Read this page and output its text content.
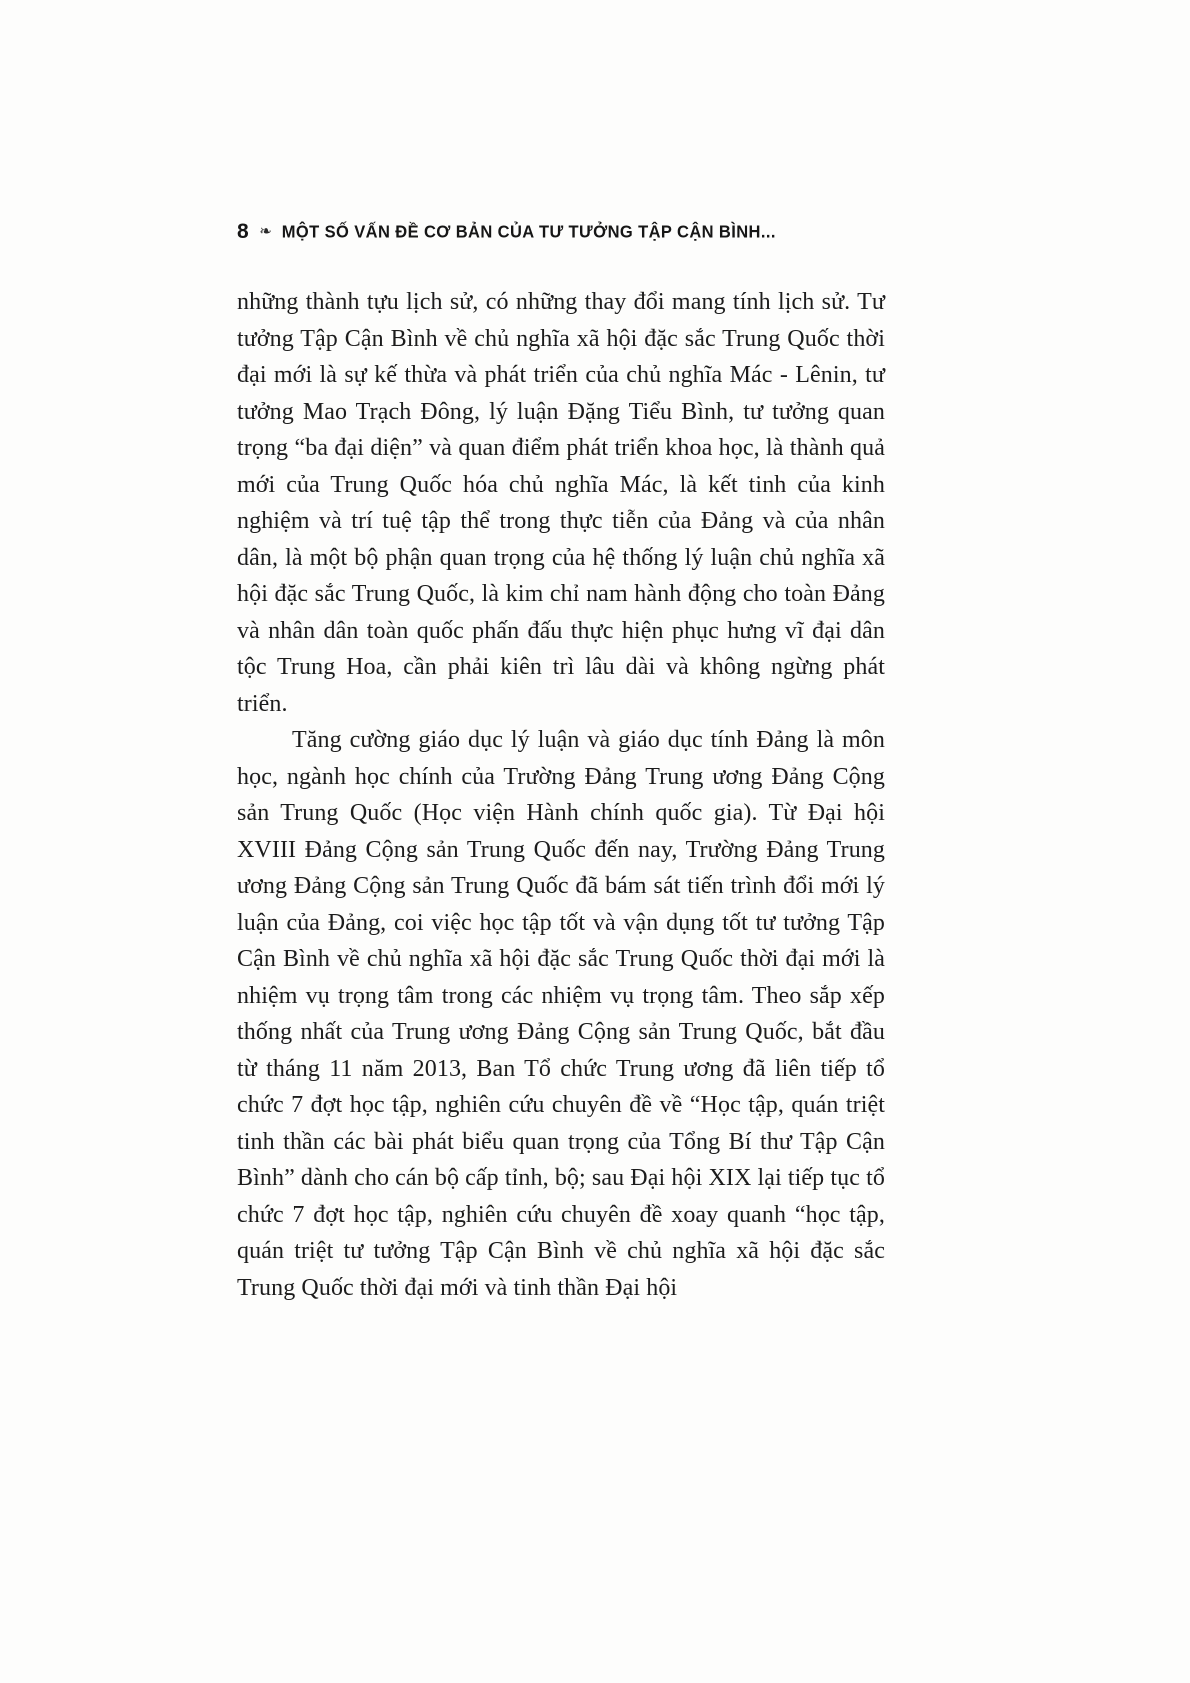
8 ❧ MỘT SỐ VẤN ĐỀ CƠ BẢN CỦA TƯ TƯỞNG TẬP CẬN BÌNH...

những thành tựu lịch sử, có những thay đổi mang tính lịch sử. Tư tưởng Tập Cận Bình về chủ nghĩa xã hội đặc sắc Trung Quốc thời đại mới là sự kế thừa và phát triển của chủ nghĩa Mác - Lênin, tư tưởng Mao Trạch Đông, lý luận Đặng Tiểu Bình, tư tưởng quan trọng “ba đại diện” và quan điểm phát triển khoa học, là thành quả mới của Trung Quốc hóa chủ nghĩa Mác, là kết tinh của kinh nghiệm và trí tuệ tập thể trong thực tiễn của Đảng và của nhân dân, là một bộ phận quan trọng của hệ thống lý luận chủ nghĩa xã hội đặc sắc Trung Quốc, là kim chỉ nam hành động cho toàn Đảng và nhân dân toàn quốc phấn đấu thực hiện phục hưng vĩ đại dân tộc Trung Hoa, cần phải kiên trì lâu dài và không ngừng phát triển.

Tăng cường giáo dục lý luận và giáo dục tính Đảng là môn học, ngành học chính của Trường Đảng Trung ương Đảng Cộng sản Trung Quốc (Học viện Hành chính quốc gia). Từ Đại hội XVIII Đảng Cộng sản Trung Quốc đến nay, Trường Đảng Trung ương Đảng Cộng sản Trung Quốc đã bám sát tiến trình đổi mới lý luận của Đảng, coi việc học tập tốt và vận dụng tốt tư tưởng Tập Cận Bình về chủ nghĩa xã hội đặc sắc Trung Quốc thời đại mới là nhiệm vụ trọng tâm trong các nhiệm vụ trọng tâm. Theo sắp xếp thống nhất của Trung ương Đảng Cộng sản Trung Quốc, bắt đầu từ tháng 11 năm 2013, Ban Tổ chức Trung ương đã liên tiếp tổ chức 7 đợt học tập, nghiên cứu chuyên đề về “Học tập, quán triệt tinh thần các bài phát biểu quan trọng của Tổng Bí thư Tập Cận Bình” dành cho cán bộ cấp tỉnh, bộ; sau Đại hội XIX lại tiếp tục tổ chức 7 đợt học tập, nghiên cứu chuyên đề xoay quanh “học tập, quán triệt tư tưởng Tập Cận Bình về chủ nghĩa xã hội đặc sắc Trung Quốc thời đại mới và tinh thần Đại hội
